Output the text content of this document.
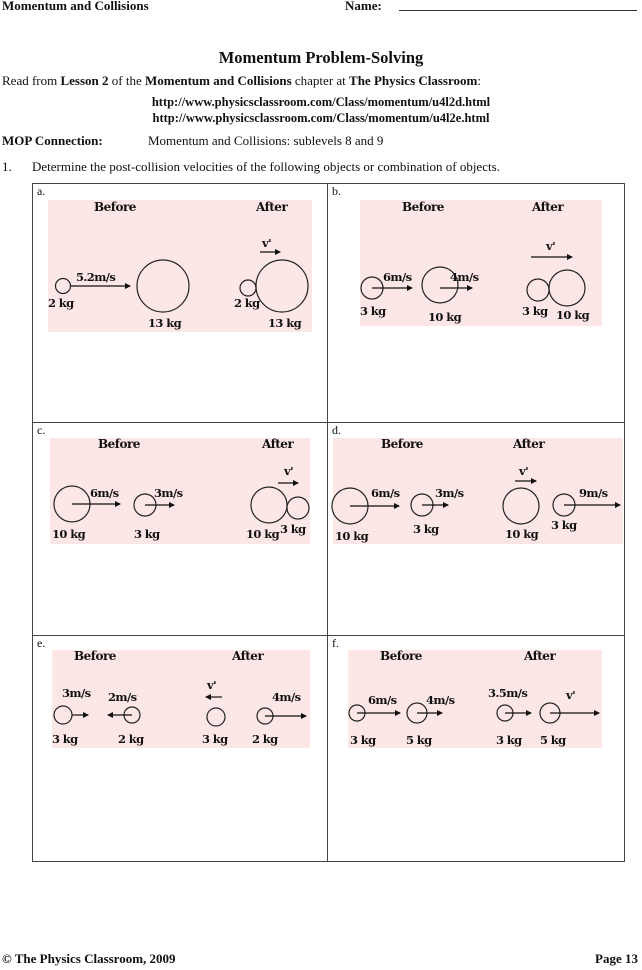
Momentum and Collisions	Name:
Momentum Problem-Solving
Read from Lesson 2 of the Momentum and Collisions chapter at The Physics Classroom:
http://www.physicsclassroom.com/Class/momentum/u4l2d.html
http://www.physicsclassroom.com/Class/momentum/u4l2e.html
MOP Connection:	Momentum and Collisions: sublevels 8 and 9
1. Determine the post-collision velocities of the following objects or combination of objects.
a.	b.
c.	d.
e.	f.
Before	After
5.2m/s
2 kg
13 kg
v'
2 kg
13 kg
Before	After
6m/s	4m/s
3 kg	10 kg
v'
3 kg 10 kg
Before	After
6m/s	3m/s
10 kg	3 kg
v'
10 kg 3 kg
Before	After
6m/s	3m/s
10 kg	3 kg
v'
9m/s
10 kg
3 kg
Before	After
3m/s 2m/s
3 kg	2 kg
v'
4m/s
3 kg 2 kg
Before	After
6m/s	4m/s
3 kg	5 kg
3.5m/s	v'
3 kg 5 kg
© The Physics Classroom, 2009	Page 13
